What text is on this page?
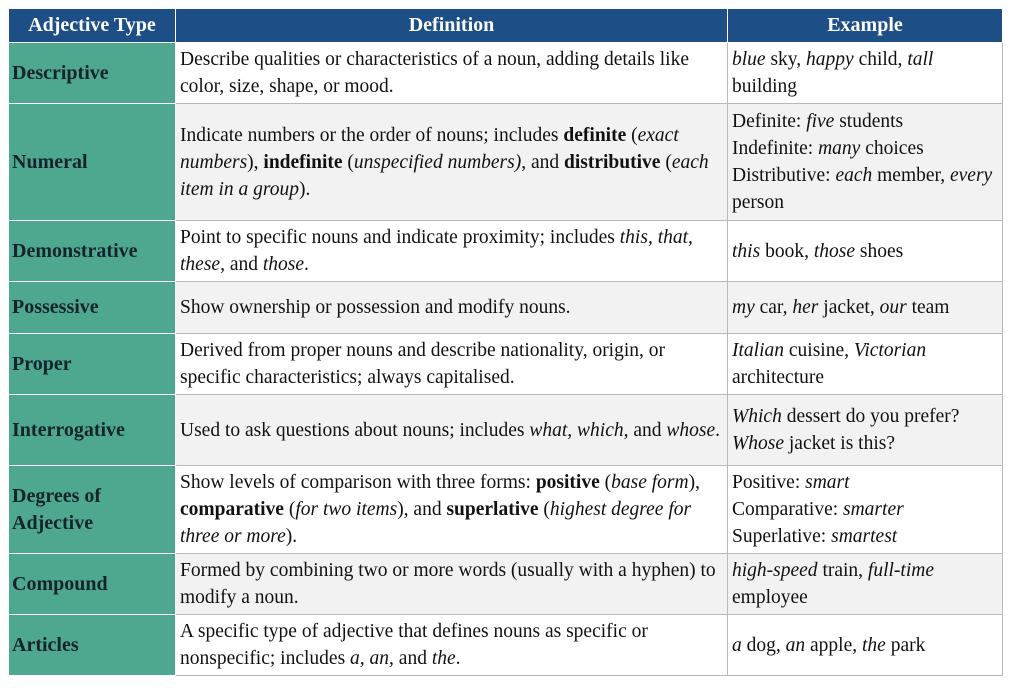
Adjective Type	Definition	Example
Descriptive	Describe qualities or characteristics of a noun, adding details like color, size, shape, or mood.	blue sky, happy child, tall building

Numeral	Indicate numbers or the order of nouns; includes definite (exact numbers), indefinite (unspecified numbers), and distributive (each item in a group).	Definite: five students
Indefinite: many choices
Distributive: each member, every person

Demonstrative	Point to specific nouns and indicate proximity; includes this, that, these, and those.	this book, those shoes

Possessive	Show ownership or possession and modify nouns.	my car, her jacket, our team

Proper	Derived from proper nouns and describe nationality, origin, or specific characteristics; always capitalised.	Italian cuisine, Victorian architecture

Interrogative	Used to ask questions about nouns; includes what, which, and whose.	Which dessert do you prefer?
Whose jacket is this?

Degrees of Adjective	Show levels of comparison with three forms: positive (base form), comparative (for two items), and superlative (highest degree for three or more).	Positive: smart
Comparative: smarter
Superlative: smartest

Compound	Formed by combining two or more words (usually with a hyphen) to modify a noun.	high-speed train, full-time employee

Articles	A specific type of adjective that defines nouns as specific or nonspecific; includes a, an, and the.	a dog, an apple, the park
